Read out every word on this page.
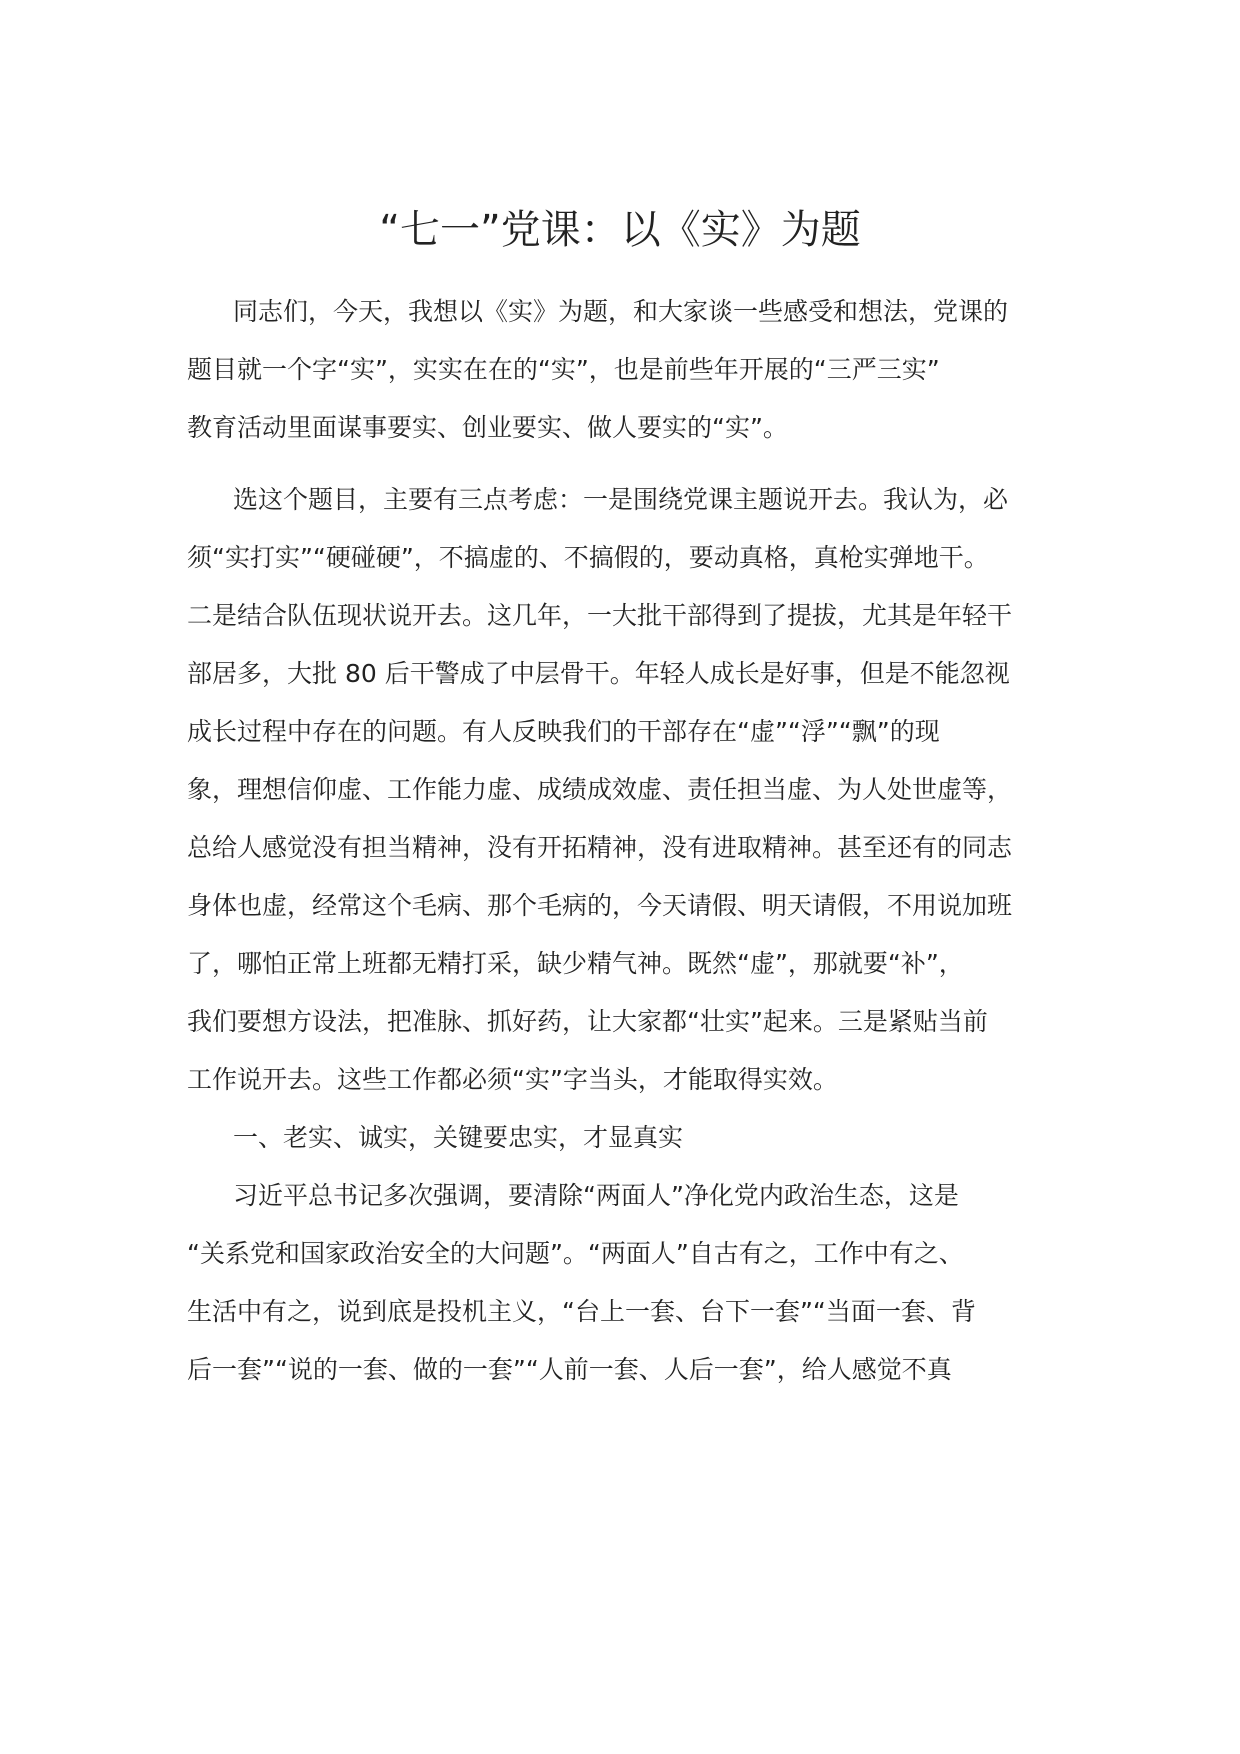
“七一”党课：以《实》为题

同志们，今天，我想以《实》为题，和大家谈一些感受和想法，党课的

题目就一个字“实”，实实在在的“实”，也是前些年开展的“三严三实”

教育活动里面谋事要实、创业要实、做人要实的“实”。

选这个题目，主要有三点考虑：一是围绕党课主题说开去。我认为，必

须“实打实”“硬碰硬”，不搞虚的、不搞假的，要动真格，真枪实弹地干。

二是结合队伍现状说开去。这几年，一大批干部得到了提拔，尤其是年轻干

部居多，大批 80 后干警成了中层骨干。年轻人成长是好事，但是不能忽视

成长过程中存在的问题。有人反映我们的干部存在“虚”“浮”“飘”的现

象，理想信仰虚、工作能力虚、成绩成效虚、责任担当虚、为人处世虚等，

总给人感觉没有担当精神，没有开拓精神，没有进取精神。甚至还有的同志

身体也虚，经常这个毛病、那个毛病的，今天请假、明天请假，不用说加班

了，哪怕正常上班都无精打采，缺少精气神。既然“虚”，那就要“补”，

我们要想方设法，把准脉、抓好药，让大家都“壮实”起来。三是紧贴当前

工作说开去。这些工作都必须“实”字当头，才能取得实效。

一、老实、诚实，关键要忠实，才显真实

习近平总书记多次强调，要清除“两面人”净化党内政治生态，这是

“关系党和国家政治安全的大问题”。“两面人”自古有之，工作中有之、

生活中有之，说到底是投机主义，“台上一套、台下一套”“当面一套、背

后一套”“说的一套、做的一套”“人前一套、人后一套”，给人感觉不真
